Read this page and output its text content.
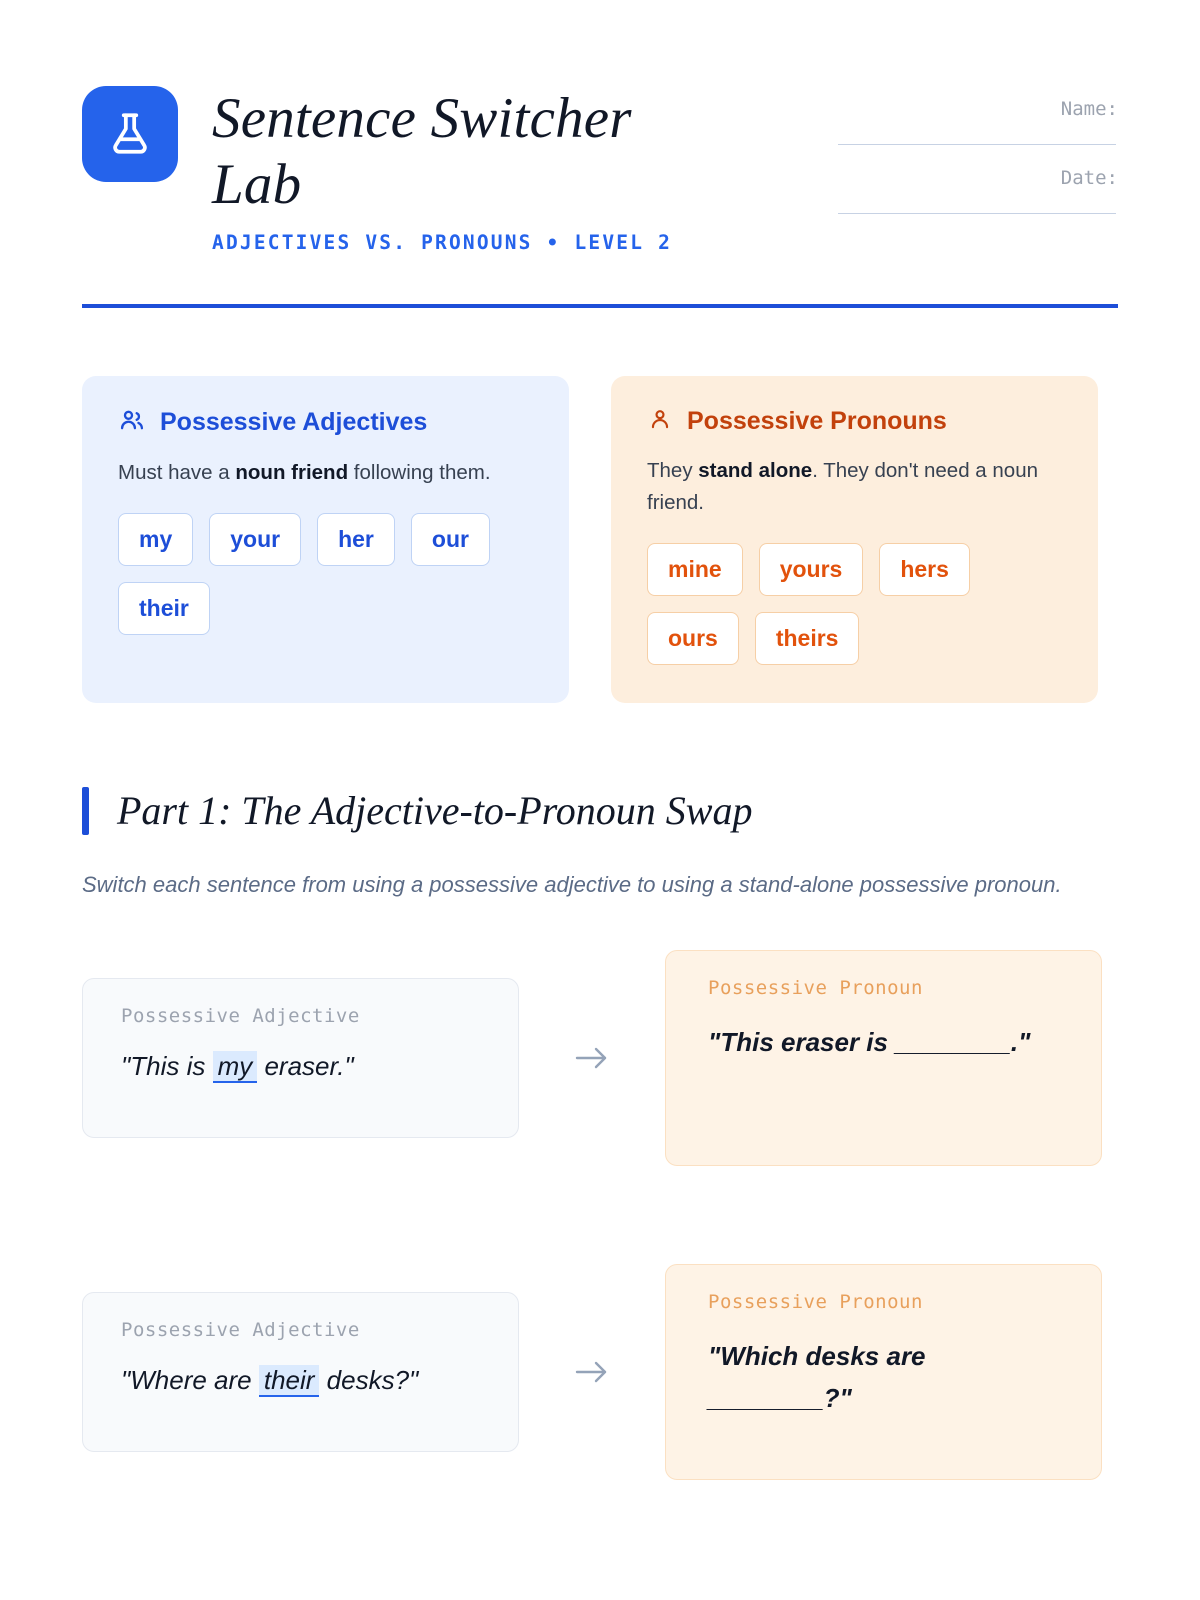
Sentence Switcher Lab
ADJECTIVES VS. PRONOUNS • LEVEL 2
Name:
Date:
Possessive Adjectives
Must have a noun friend following them.
my	your	her	our
their
Possessive Pronouns
They stand alone. They don't need a noun friend.
mine	yours	hers
ours	theirs
Part 1: The Adjective-to-Pronoun Swap
Switch each sentence from using a possessive adjective to using a stand-alone possessive pronoun.
Possessive Adjective
"This is my eraser."
Possessive Pronoun
"This eraser is ________."
Possessive Adjective
"Where are their desks?"
Possessive Pronoun
"Which desks are ________?"
